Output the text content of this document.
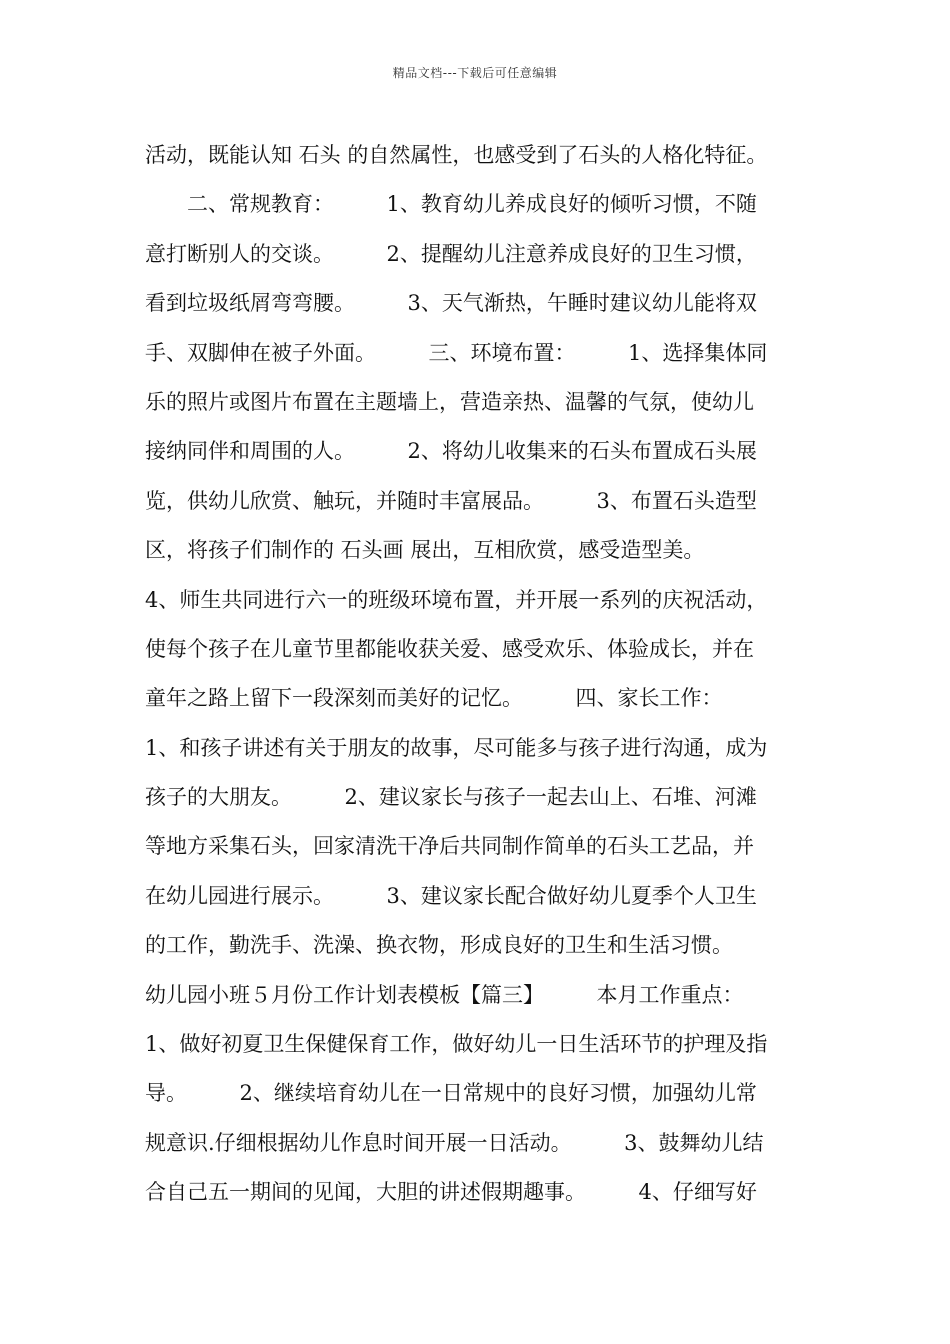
精品文档---下载后可任意编辑
活动，既能认知 石头 的自然属性，也感受到了石头的人格化特征。
　　二、常规教育：　　　1、教育幼儿养成良好的倾听习惯，不随
意打断别人的交谈。　　　2、提醒幼儿注意养成良好的卫生习惯，
看到垃圾纸屑弯弯腰。　　　3、天气渐热，午睡时建议幼儿能将双
手、双脚伸在被子外面。　　　三、环境布置：　　　1、选择集体同
乐的照片或图片布置在主题墙上，营造亲热、温馨的气氛，使幼儿
接纳同伴和周围的人。　　　2、将幼儿收集来的石头布置成石头展
览，供幼儿欣赏、触玩，并随时丰富展品。　　　3、布置石头造型
区，将孩子们制作的 石头画 展出，互相欣赏，感受造型美。
4、师生共同进行六一的班级环境布置，并开展一系列的庆祝活动，
使每个孩子在儿童节里都能收获关爱、感受欢乐、体验成长，并在
童年之路上留下一段深刻而美好的记忆。　　　四、家长工作：
1、和孩子讲述有关于朋友的故事，尽可能多与孩子进行沟通，成为
孩子的大朋友。　　　2、建议家长与孩子一起去山上、石堆、河滩
等地方采集石头，回家清洗干净后共同制作简单的石头工艺品，并
在幼儿园进行展示。　　　3、建议家长配合做好幼儿夏季个人卫生
的工作，勤洗手、洗澡、换衣物，形成良好的卫生和生活习惯。
幼儿园小班５月份工作计划表模板【篇三】　　　本月工作重点：
1、做好初夏卫生保健保育工作，做好幼儿一日生活环节的护理及指
导。　　　2、继续培育幼儿在一日常规中的良好习惯，加强幼儿常
规意识.仔细根据幼儿作息时间开展一日活动。　　　3、鼓舞幼儿结
合自己五一期间的见闻，大胆的讲述假期趣事。　　　4、仔细写好
